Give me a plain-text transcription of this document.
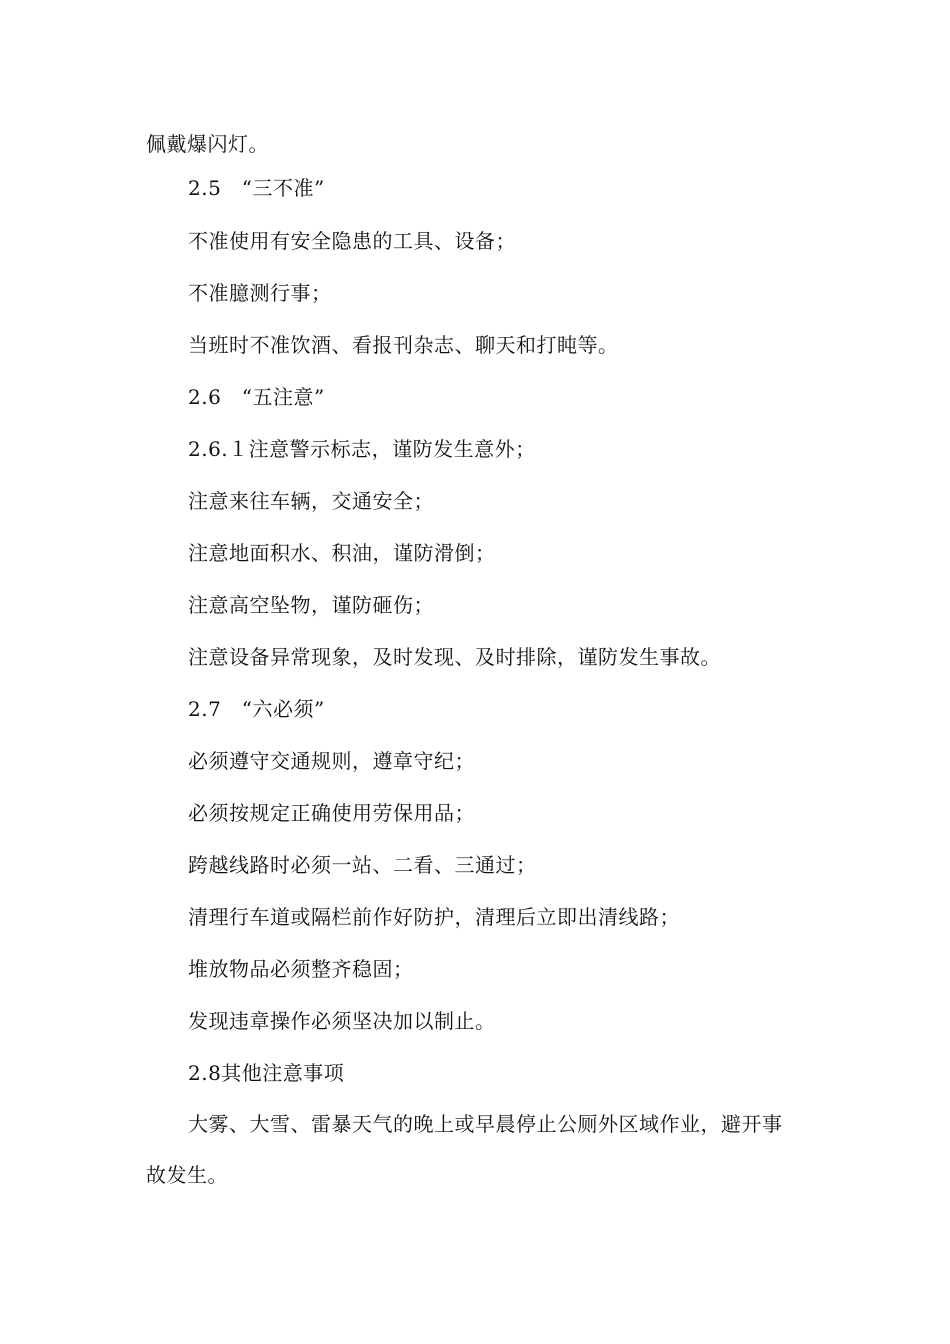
佩戴爆闪灯。
2.5　“三不准”
不准使用有安全隐患的工具、设备；
不准臆测行事；
当班时不准饮酒、看报刊杂志、聊天和打盹等。
2.6　“五注意”
2.6.１注意警示标志，谨防发生意外；
注意来往车辆，交通安全；
注意地面积水、积油，谨防滑倒；
注意高空坠物，谨防砸伤；
注意设备异常现象，及时发现、及时排除，谨防发生事故。
2.7　“六必须”
必须遵守交通规则，遵章守纪；
必须按规定正确使用劳保用品；
跨越线路时必须一站、二看、三通过；
清理行车道或隔栏前作好防护，清理后立即出清线路；
堆放物品必须整齐稳固；
发现违章操作必须坚决加以制止。
2.8其他注意事项
大雾、大雪、雷暴天气的晚上或早晨停止公厕外区域作业，避开事
故发生。
